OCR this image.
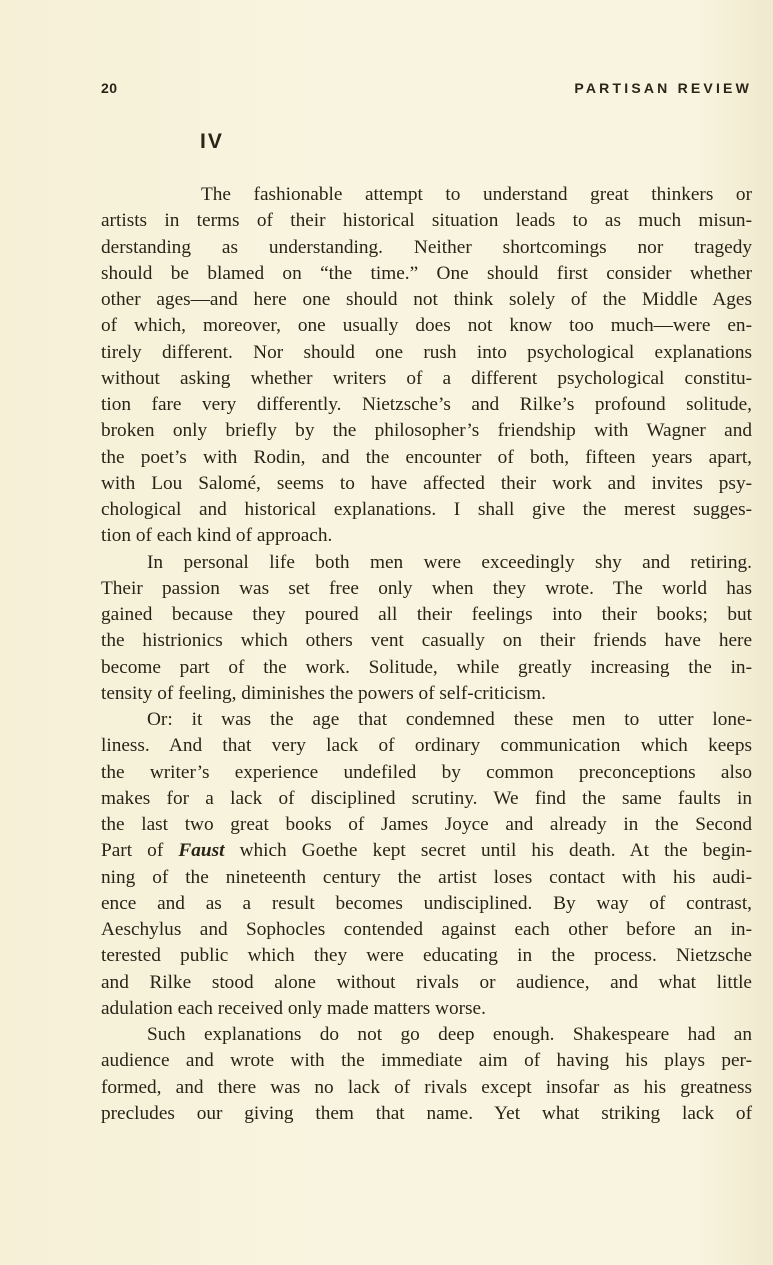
20	PARTISAN REVIEW
IV
The fashionable attempt to understand great thinkers or
artists in terms of their historical situation leads to as much misun-
derstanding as understanding. Neither shortcomings nor tragedy
should be blamed on “the time.” One should first consider whether
other ages—and here one should not think solely of the Middle Ages
of which, moreover, one usually does not know too much—were en-
tirely different. Nor should one rush into psychological explanations
without asking whether writers of a different psychological constitu-
tion fare very differently. Nietzsche’s and Rilke’s profound solitude,
broken only briefly by the philosopher’s friendship with Wagner and
the poet’s with Rodin, and the encounter of both, fifteen years apart,
with Lou Salomé, seems to have affected their work and invites psy-
chological and historical explanations. I shall give the merest sugges-
tion of each kind of approach.
In personal life both men were exceedingly shy and retiring.
Their passion was set free only when they wrote. The world has
gained because they poured all their feelings into their books; but
the histrionics which others vent casually on their friends have here
become part of the work. Solitude, while greatly increasing the in-
tensity of feeling, diminishes the powers of self-criticism.
Or: it was the age that condemned these men to utter lone-
liness. And that very lack of ordinary communication which keeps
the writer’s experience undefiled by common preconceptions also
makes for a lack of disciplined scrutiny. We find the same faults in
the last two great books of James Joyce and already in the Second
Part of Faust which Goethe kept secret until his death. At the begin-
ning of the nineteenth century the artist loses contact with his audi-
ence and as a result becomes undisciplined. By way of contrast,
Aeschylus and Sophocles contended against each other before an in-
terested public which they were educating in the process. Nietzsche
and Rilke stood alone without rivals or audience, and what little
adulation each received only made matters worse.
Such explanations do not go deep enough. Shakespeare had an
audience and wrote with the immediate aim of having his plays per-
formed, and there was no lack of rivals except insofar as his greatness
precludes our giving them that name. Yet what striking lack of
